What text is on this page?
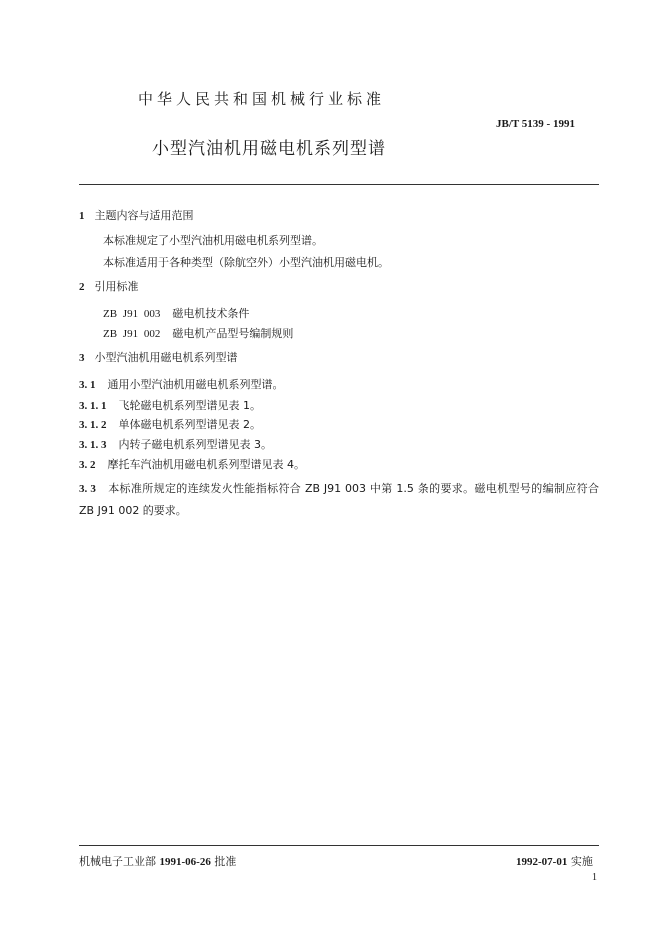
中华人民共和国机械行业标准
JB/T 5139 - 1991
小型汽油机用磁电机系列型谱
1 主题内容与适用范围
本标准规定了小型汽油机用磁电机系列型谱。
本标准适用于各种类型（除航空外）小型汽油机用磁电机。
2 引用标准
ZB J91 003 磁电机技术条件
ZB J91 002 磁电机产品型号编制规则
3 小型汽油机用磁电机系列型谱
3. 1 通用小型汽油机用磁电机系列型谱。
3. 1. 1 飞轮磁电机系列型谱见表 1。
3. 1. 2 单体磁电机系列型谱见表 2。
3. 1. 3 内转子磁电机系列型谱见表 3。
3. 2 摩托车汽油机用磁电机系列型谱见表 4。
3. 3 本标准所规定的连续发火性能指标符合 ZB J91 003 中第 1.5 条的要求。磁电机型号的编制应符合 ZB J91 002 的要求。
机械电子工业部 1991-06-26 批准	1992-07-01 实施
1
